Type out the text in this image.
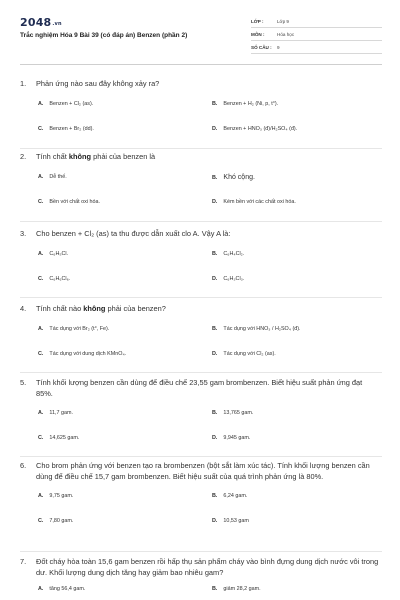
2048.vn
Trắc nghiệm Hóa 9 Bài 39 (có đáp án) Benzen (phần 2)
LỚP :	Lớp 9
MÔN :	Hóa học
SỐ CÂU : 9
1. Phản ứng nào sau đây không xảy ra?
A. Benzen + Cl₂ (as).	B. Benzen + H₂ (Ni, p, t°).
C. Benzen + Br₂ (dd).	D. Benzen + HNO₃ (đ)/H₂SO₄ (đ).
2. Tính chất không phải của benzen là
A. Dễ thế.	B. Khó cộng.
C. Bền với chất oxi hóa.	D. Kém bền với các chất oxi hóa.
3. Cho benzen + Cl₂ (as) ta thu được dẫn xuất clo A. Vậy A là:
A. C₆H₅Cl.	B. C₆H₄Cl₂.
C. C₆H₆Cl₆.	D. C₆H₃Cl₃.
4. Tính chất nào không phải của benzen?
A. Tác dụng với Br₂ (t°, Fe).	B. Tác dụng với HNO₃ / H₂SO₄ (đ).
C. Tác dụng với dung dịch KMnO₄.	D. Tác dụng với Cl₂ (as).
5. Tính khối lượng benzen cần dùng để điều chế 23,55 gam brombenzen. Biết hiệu suất phản ứng đạt 85%.
A. 11,7 gam.	B. 13,765 gam.
C. 14,625 gam.	D. 9,945 gam.
6. Cho brom phản ứng với benzen tạo ra brombenzen (bột sắt làm xúc tác). Tính khối lượng benzen cần dùng để điều chế 15,7 gam brombenzen. Biết hiệu suất của quá trình phản ứng là 80%.
A. 9,75 gam.	B. 6,24 gam.
C. 7,80 gam.	D. 10,53 gam
7. Đốt cháy hòa toàn 15,6 gam benzen rồi hấp thụ sản phẩm cháy vào bình đựng dung dịch nước vôi trong dư. Khối lượng dung dịch tăng hay giảm bao nhiêu gam?
A. tăng 56,4 gam.	B. giảm 28,2 gam.
